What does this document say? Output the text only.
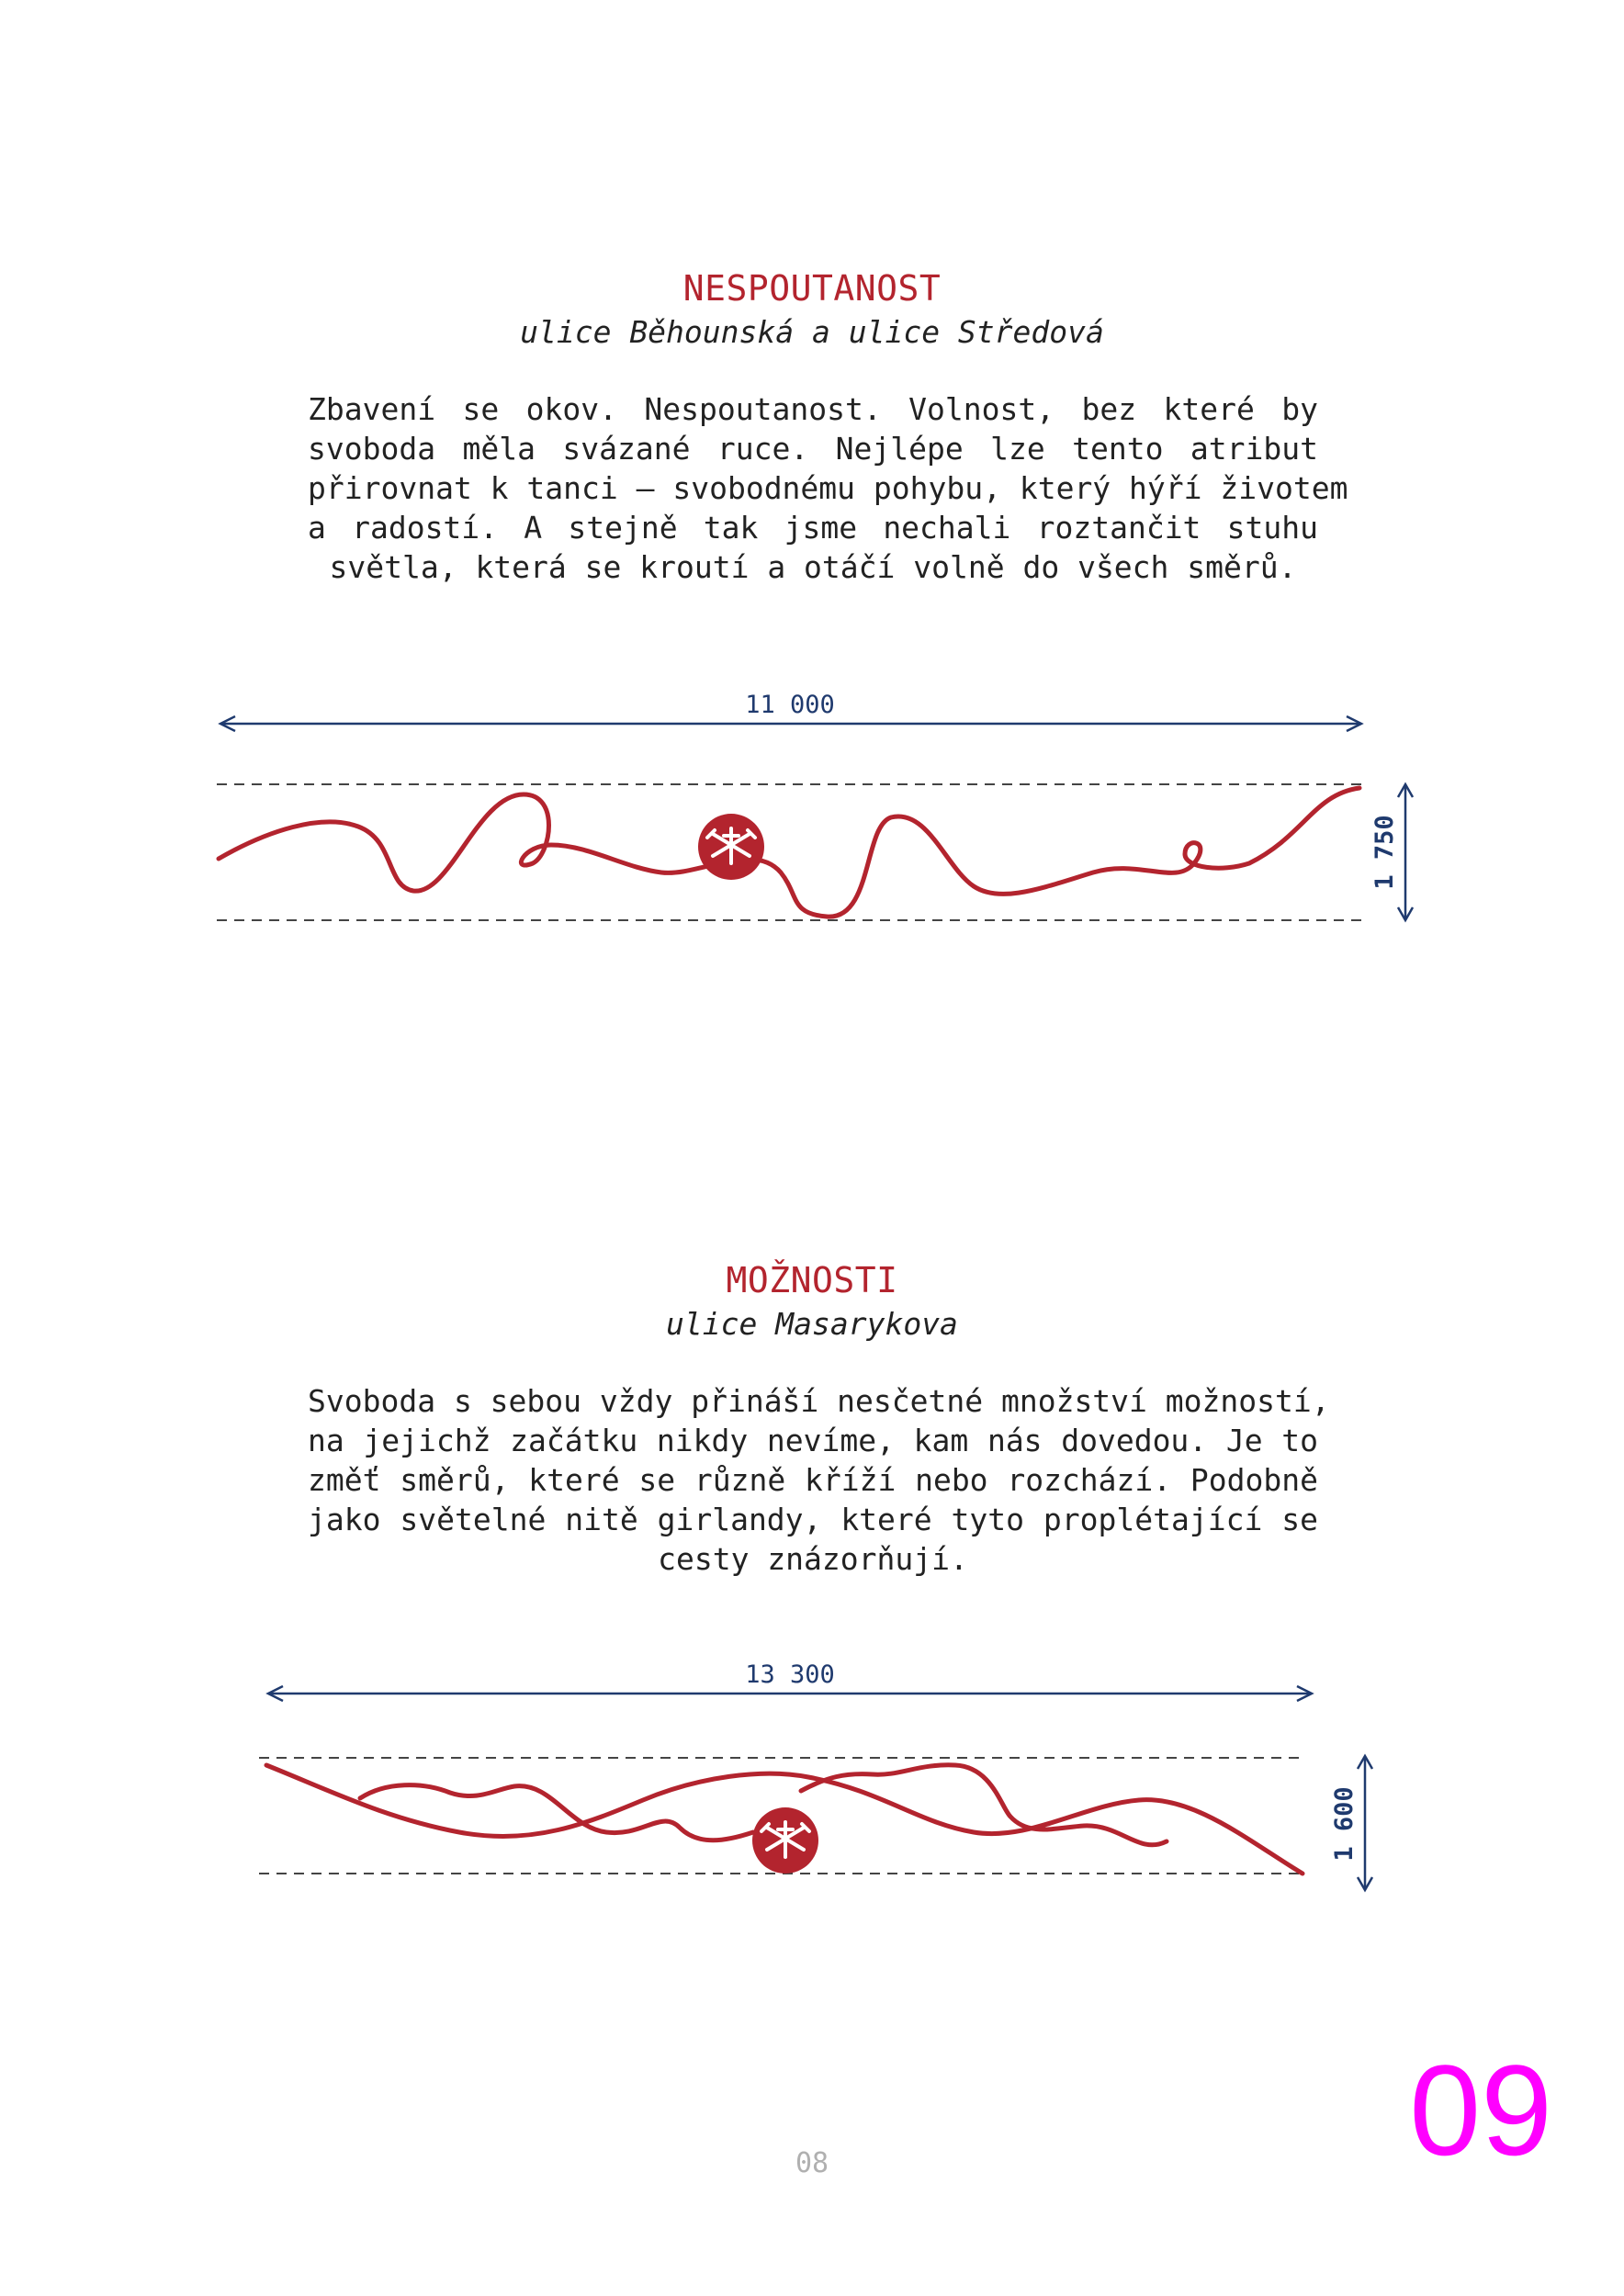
NESPOUTANOST
ulice Běhounská a ulice Středová
Zbavení se okov. Nespoutanost. Volnost, bez které by
svoboda měla svázané ruce. Nejlépe lze tento atribut
přirovnat k tanci – svobodnému pohybu, který hýří životem
a radostí. A stejně tak jsme nechali roztančit stuhu
světla, která se kroutí a otáčí volně do všech směrů.
11 000
1 750
MOŽNOSTI
ulice Masarykova
Svoboda s sebou vždy přináší nesčetné množství možností,
na jejichž začátku nikdy nevíme, kam nás dovedou. Je to
změť směrů, které se různě kříží nebo rozchází. Podobně
jako světelné nitě girlandy, které tyto proplétající se
cesty znázorňují.
13 300
1 600
08	09
